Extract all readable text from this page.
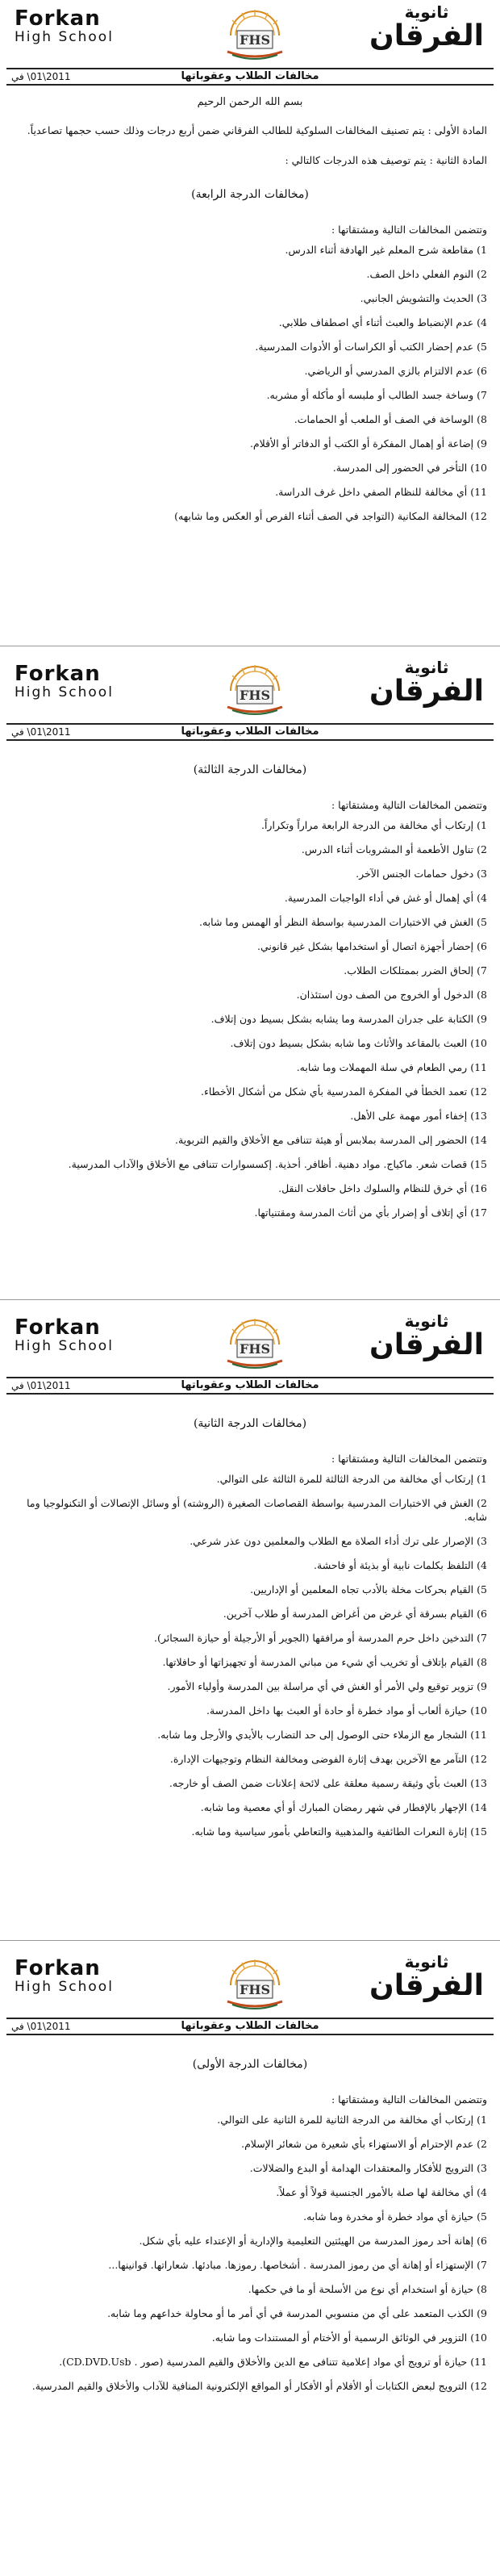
Forkan
High School	FHS
ثانوية
الفرقان
2011\01\ في	مخالفات الطلاب وعقوباتها
بسم الله الرحمن الرحيم
المادة الأولى : يتم تصنيف المخالفات السلوكية للطالب الفرقاني ضمن أربع درجات وذلك حسب حجمها تصاعدياً.
المادة الثانية : يتم توصيف هذه الدرجات كالتالي :
(مخالفات الدرجة الرابعة)
وتتضمن المخالفات التالية ومشتقاتها :
1)مقاطعة شرح المعلم غير الهادفة أثناء الدرس.
2)النوم الفعلي داخل الصف.
3)الحديث والتشويش الجانبي.
4)عدم الإنضباط والعبث أثناء أي اصطفاف طلابي.
5)عدم إحضار الكتب أو الكراسات أو الأدوات المدرسية.
6)عدم الالتزام بالزي المدرسي أو الرياضي.
7)وساخة جسد الطالب أو ملبسه أو مأكله أو مشربه.
8)الوساخة في الصف أو الملعب أو الحمامات.
9)إضاعة أو إهمال المفكرة أو الكتب أو الدفاتر أو الأقلام.
10)التأخر في الحضور إلى المدرسة.
11)أي مخالفة للنظام الصفي داخل غرف الدراسة.
12)المخالفة المكانية (التواجد في الصف أثناء الفرص أو العكس وما شابهه)
Forkan
High School	FHS
ثانوية
الفرقان
2011\01\ في	مخالفات الطلاب وعقوباتها
(مخالفات الدرجة الثالثة)
وتتضمن المخالفات التالية ومشتقاتها :
1)إرتكاب أي مخالفة من الدرجة الرابعة مراراً وتكراراً.
2)تناول الأطعمة أو المشروبات أثناء الدرس.
3)دخول حمامات الجنس الآخر.
4)أي إهمال أو غش في أداء الواجبات المدرسية.
5)الغش في الاختبارات المدرسية بواسطة النظر أو الهمس وما شابه.
6)إحضار أجهزة اتصال أو استخدامها بشكل غير قانوني.
7)إلحاق الضرر بممتلكات الطلاب.
8)الدخول أو الخروج من الصف دون استئذان.
9)الكتابة على جدران المدرسة وما يشابه بشكل بسيط دون إتلاف.
10)العبث بالمقاعد والأثاث وما شابه بشكل بسيط دون إتلاف.
11)رمي الطعام في سلة المهملات وما شابه.
12)تعمد الخطأ في المفكرة المدرسية بأي شكل من أشكال الأخطاء.
13)إخفاء أمور مهمة على الأهل.
14)الحضور إلى المدرسة بملابس أو هيئة تتنافى مع الأخلاق والقيم التربوية.
15)قصات شعر. ماكياج. مواد دهنية. أظافر. أحذية. إكسسوارات تتنافى مع الأخلاق والآداب المدرسية.
16)أي خرق للنظام والسلوك داخل حافلات النقل.
17)أي إتلاف أو إضرار بأي من أثاث المدرسة ومقتنياتها.
Forkan
High School	FHS
ثانوية
الفرقان
2011\01\ في	مخالفات الطلاب وعقوباتها
(مخالفات الدرجة الثانية)
وتتضمن المخالفات التالية ومشتقاتها :
1)إرتكاب أي مخالفة من الدرجة الثالثة للمرة الثالثة على التوالي.
2)الغش في الاختبارات المدرسية بواسطة القصاصات الصغيرة (الروشته) أو وسائل الإتصالات أو التكنولوجيا وما شابه.
3)الإصرار على ترك أداء الصلاة مع الطلاب والمعلمين دون عذر شرعي.
4)التلفظ بكلمات نابية أو بذيئة أو فاحشة.
5)القيام بحركات مخلة بالأدب تجاه المعلمين أو الإداريين.
6)القيام بسرقة أي غرض من أغراض المدرسة أو طلاب آخرين.
7)التدخين داخل حرم المدرسة أو مرافقها (الجوير أو الأرجيلة أو حيازة السجائر).
8)القيام بإتلاف أو تخريب أي شيء من مباني المدرسة أو تجهيزاتها أو حافلاتها.
9)تزوير توقيع ولي الأمر أو الغش في أي مراسلة بين المدرسة وأولياء الأمور.
10)حيازة ألعاب أو مواد خطرة أو حادة أو العبث بها داخل المدرسة.
11)الشجار مع الزملاء حتى الوصول إلى حد التضارب بالأيدي والأرجل وما شابه.
12)التآمر مع الآخرين بهدف إثارة الفوضى ومخالفة النظام وتوجيهات الإدارة.
13)العبث بأي وثيقة رسمية معلقة على لائحة إعلانات ضمن الصف أو خارجه.
14)الإجهار بالإفطار في شهر رمضان المبارك أو أي معصية وما شابه.
15)إثارة النعرات الطائفية والمذهبية والتعاطي بأمور سياسية وما شابه.
Forkan
High School	FHS
ثانوية
الفرقان
2011\01\ في	مخالفات الطلاب وعقوباتها
(مخالفات الدرجة الأولى)
وتتضمن المخالفات التالية ومشتقاتها :
1)إرتكاب أي مخالفة من الدرجة الثانية للمرة الثانية على التوالي.
2)عدم الإحترام أو الاستهزاء بأي شعيرة من شعائر الإسلام.
3)الترويج للأفكار والمعتقدات الهدامة أو البدع والضلالات.
4)أي مخالفة لها صلة بالأمور الجنسية قولاً أو عملاً.
5)حيازة أي مواد خطرة أو مخدرة وما شابه.
6)إهانة أحد رموز المدرسة من الهيئتين التعليمية والإدارية أو الإعتداء عليه بأي شكل.
7)الإستهزاء أو إهانة أي من رموز المدرسة . أشخاصها. رموزها. مبادئها. شعاراتها. قوانينها...
8)حيازة أو استخدام أي نوع من الأسلحة أو ما في حكمها.
9)الكذب المتعمد على أي من منسوبي المدرسة في أي أمر ما أو محاولة خداعهم وما شابه.
10)التزوير في الوثائق الرسمية أو الأختام أو المستندات وما شابه.
11)حيازة أو ترويج أي مواد إعلامية تتنافى مع الدين والأخلاق والقيم المدرسية (صور . CD.DVD.Usb).
12)الترويج لبعض الكتابات أو الأفلام أو الأفكار أو المواقع الإلكترونية المنافية للآداب والأخلاق والقيم المدرسية.
